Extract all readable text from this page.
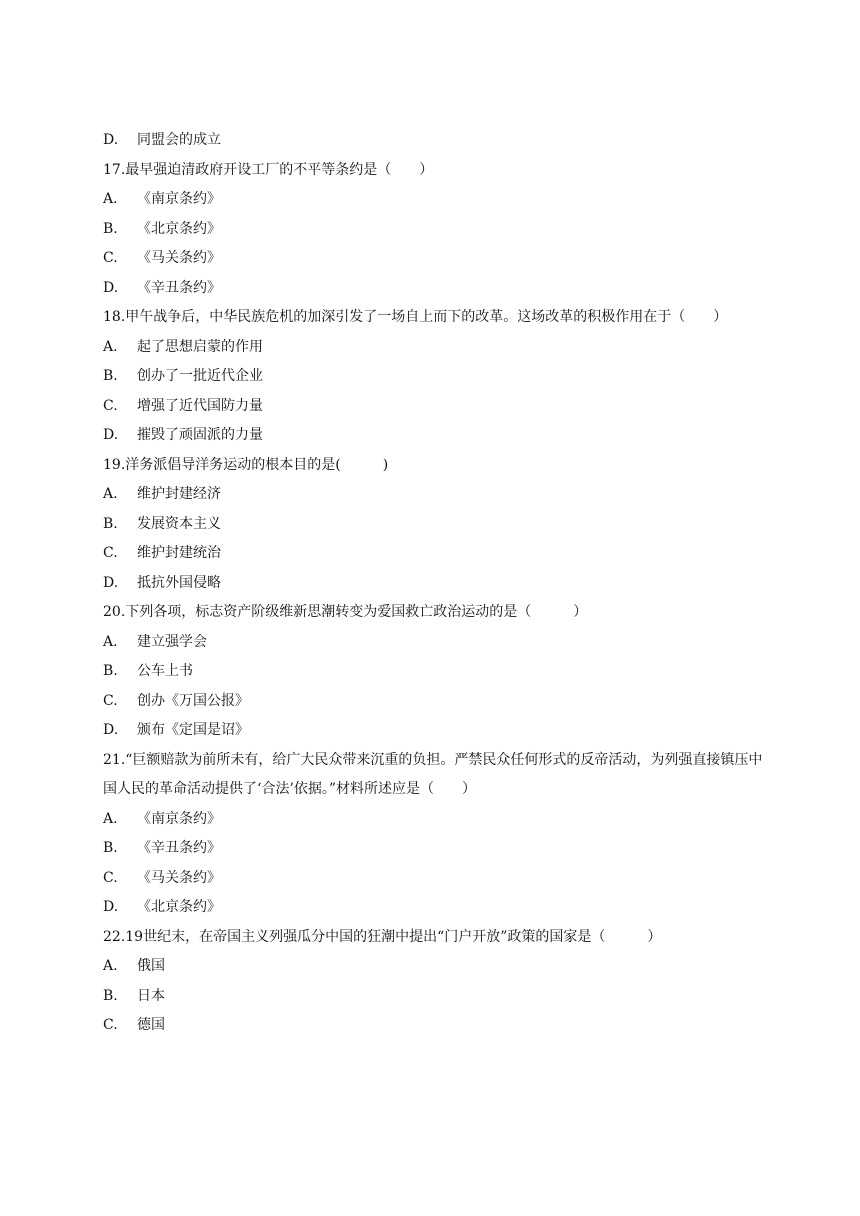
D. 同盟会的成立
17.最早强迫清政府开设工厂的不平等条约是（　　）
A. 《南京条约》
B. 《北京条约》
C. 《马关条约》
D. 《辛丑条约》
18.甲午战争后，中华民族危机的加深引发了一场自上而下的改革。这场改革的积极作用在于（　　）
A. 起了思想启蒙的作用
B. 创办了一批近代企业
C. 增强了近代国防力量
D. 摧毁了顽固派的力量
19.洋务派倡导洋务运动的根本目的是(　　　)
A. 维护封建经济
B. 发展资本主义
C. 维护封建统治
D. 抵抗外国侵略
20.下列各项，标志资产阶级维新思潮转变为爱国救亡政治运动的是（　　　）
A. 建立强学会
B. 公车上书
C. 创办《万国公报》
D. 颁布《定国是诏》
21.“巨额赔款为前所未有，给广大民众带来沉重的负担。严禁民众任何形式的反帝活动，为列强直接镇压中国人民的革命活动提供了‘合法’依据。”材料所述应是（　　）
A. 《南京条约》
B. 《辛丑条约》
C. 《马关条约》
D. 《北京条约》
22.19世纪末，在帝国主义列强瓜分中国的狂潮中提出“门户开放”政策的国家是（　　　）
A. 俄国
B. 日本
C. 德国
